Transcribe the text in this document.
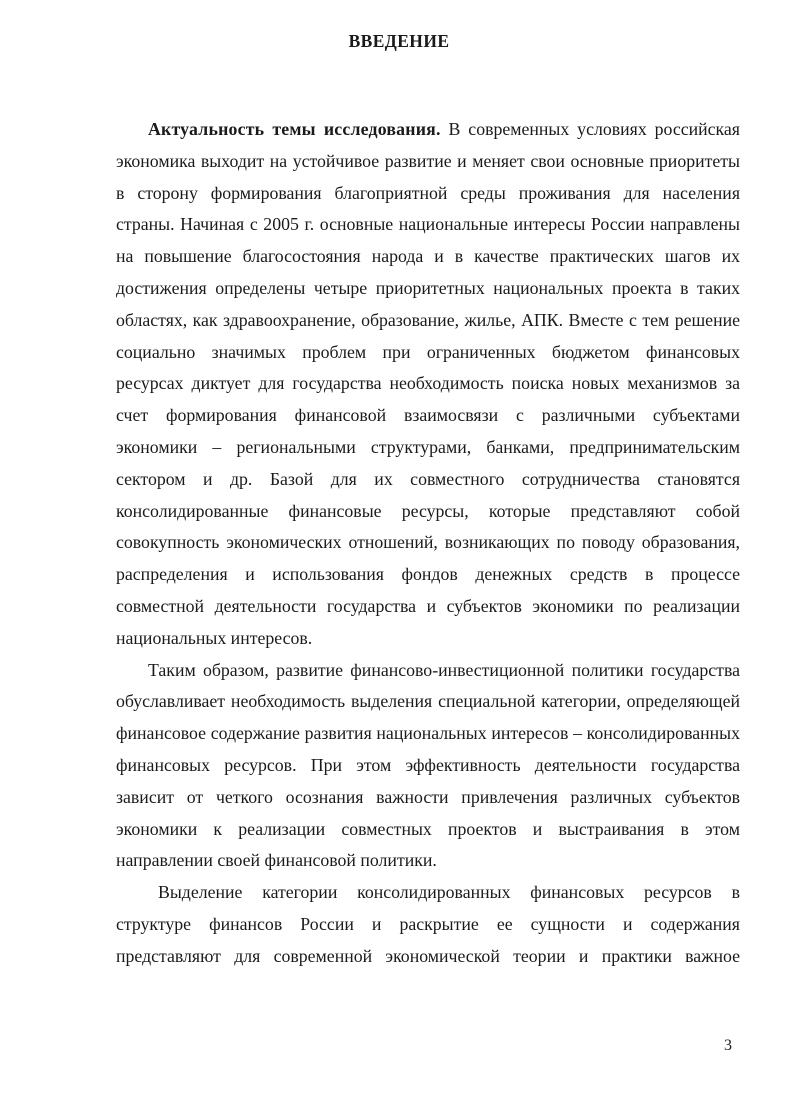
ВВЕДЕНИЕ

Актуальность темы исследования. В современных условиях российская экономика выходит на устойчивое развитие и меняет свои основные приоритеты в сторону формирования благоприятной среды проживания для населения страны. Начиная с 2005 г. основные национальные интересы России направлены на повышение благосостояния народа и в качестве практических шагов их достижения определены четыре приоритетных национальных проекта в таких областях, как здравоохранение, образование, жилье, АПК. Вместе с тем решение социально значимых проблем при ограниченных бюджетом финансовых ресурсах диктует для государства необходимость поиска новых механизмов за счет формирования финансовой взаимосвязи с различными субъектами экономики – региональными структурами, банками, предпринимательским сектором и др. Базой для их совместного сотрудничества становятся консолидированные финансовые ресурсы, которые представляют собой совокупность экономических отношений, возникающих по поводу образования, распределения и использования фондов денежных средств в процессе совместной деятельности государства и субъектов экономики по реализации национальных интересов.

Таким образом, развитие финансово-инвестиционной политики государства обуславливает необходимость выделения специальной категории, определяющей финансовое содержание развития национальных интересов – консолидированных финансовых ресурсов. При этом эффективность деятельности государства зависит от четкого осознания важности привлечения различных субъектов экономики к реализации совместных проектов и выстраивания в этом направлении своей финансовой политики.

Выделение категории консолидированных финансовых ресурсов в структуре финансов России и раскрытие ее сущности и содержания представляют для современной экономической теории и практики важное

3
